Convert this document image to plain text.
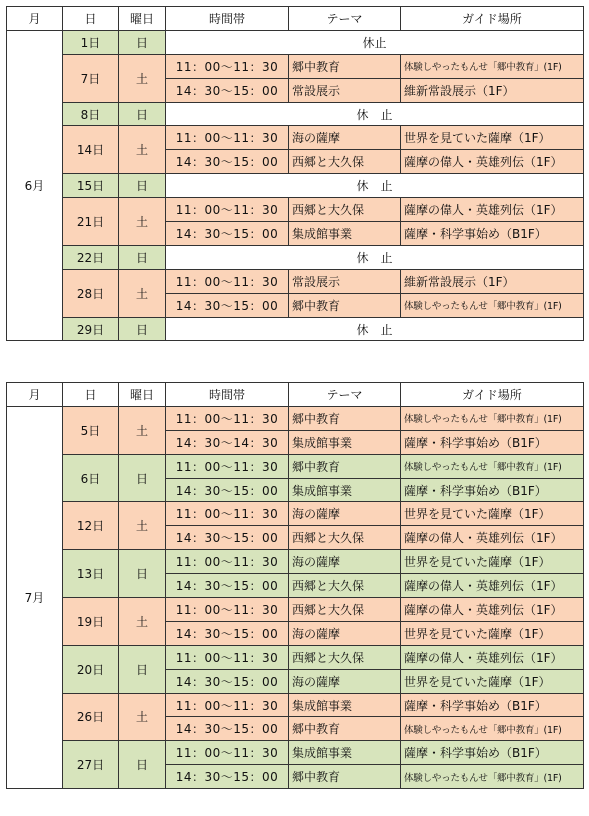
月	日	曜日	時間帯	テーマ	ガイド場所
6月	1日	日	休止		
	7日	土	11：00〜11：30	郷中教育	体験しやったもんせ「郷中教育」(1F)
			14：30〜15：00	常設展示	維新常設展示（1F）
	8日	日	休　止		
	14日	土	11：00〜11：30	海の薩摩	世界を見ていた薩摩（1F）
			14：30〜15：00	西郷と大久保	薩摩の偉人・英雄列伝（1F）
	15日	日	休　止		
	21日	土	11：00〜11：30	西郷と大久保	薩摩の偉人・英雄列伝（1F）
			14：30〜15：00	集成館事業	薩摩・科学事始め（B1F）
	22日	日	休　止		
	28日	土	11：00〜11：30	常設展示	維新常設展示（1F）
			14：30〜15：00	郷中教育	体験しやったもんせ「郷中教育」(1F)
	29日	日	休　止		
月	日	曜日	時間帯	テーマ	ガイド場所
7月	5日	土	11：00〜11：30	郷中教育	体験しやったもんせ「郷中教育」(1F)
			14：30〜14：30	集成館事業	薩摩・科学事始め（B1F）
	6日	日	11：00〜11：30	郷中教育	体験しやったもんせ「郷中教育」(1F)
			14：30〜15：00	集成館事業	薩摩・科学事始め（B1F）
	12日	土	11：00〜11：30	海の薩摩	世界を見ていた薩摩（1F）
			14：30〜15：00	西郷と大久保	薩摩の偉人・英雄列伝（1F）
	13日	日	11：00〜11：30	海の薩摩	世界を見ていた薩摩（1F）
			14：30〜15：00	西郷と大久保	薩摩の偉人・英雄列伝（1F）
	19日	土	11：00〜11：30	西郷と大久保	薩摩の偉人・英雄列伝（1F）
			14：30〜15：00	海の薩摩	世界を見ていた薩摩（1F）
	20日	日	11：00〜11：30	西郷と大久保	薩摩の偉人・英雄列伝（1F）
			14：30〜15：00	海の薩摩	世界を見ていた薩摩（1F）
	26日	土	11：00〜11：30	集成館事業	薩摩・科学事始め（B1F）
			14：30〜15：00	郷中教育	体験しやったもんせ「郷中教育」(1F)
	27日	日	11：00〜11：30	集成館事業	薩摩・科学事始め（B1F）
			14：30〜15：00	郷中教育	体験しやったもんせ「郷中教育」(1F)
